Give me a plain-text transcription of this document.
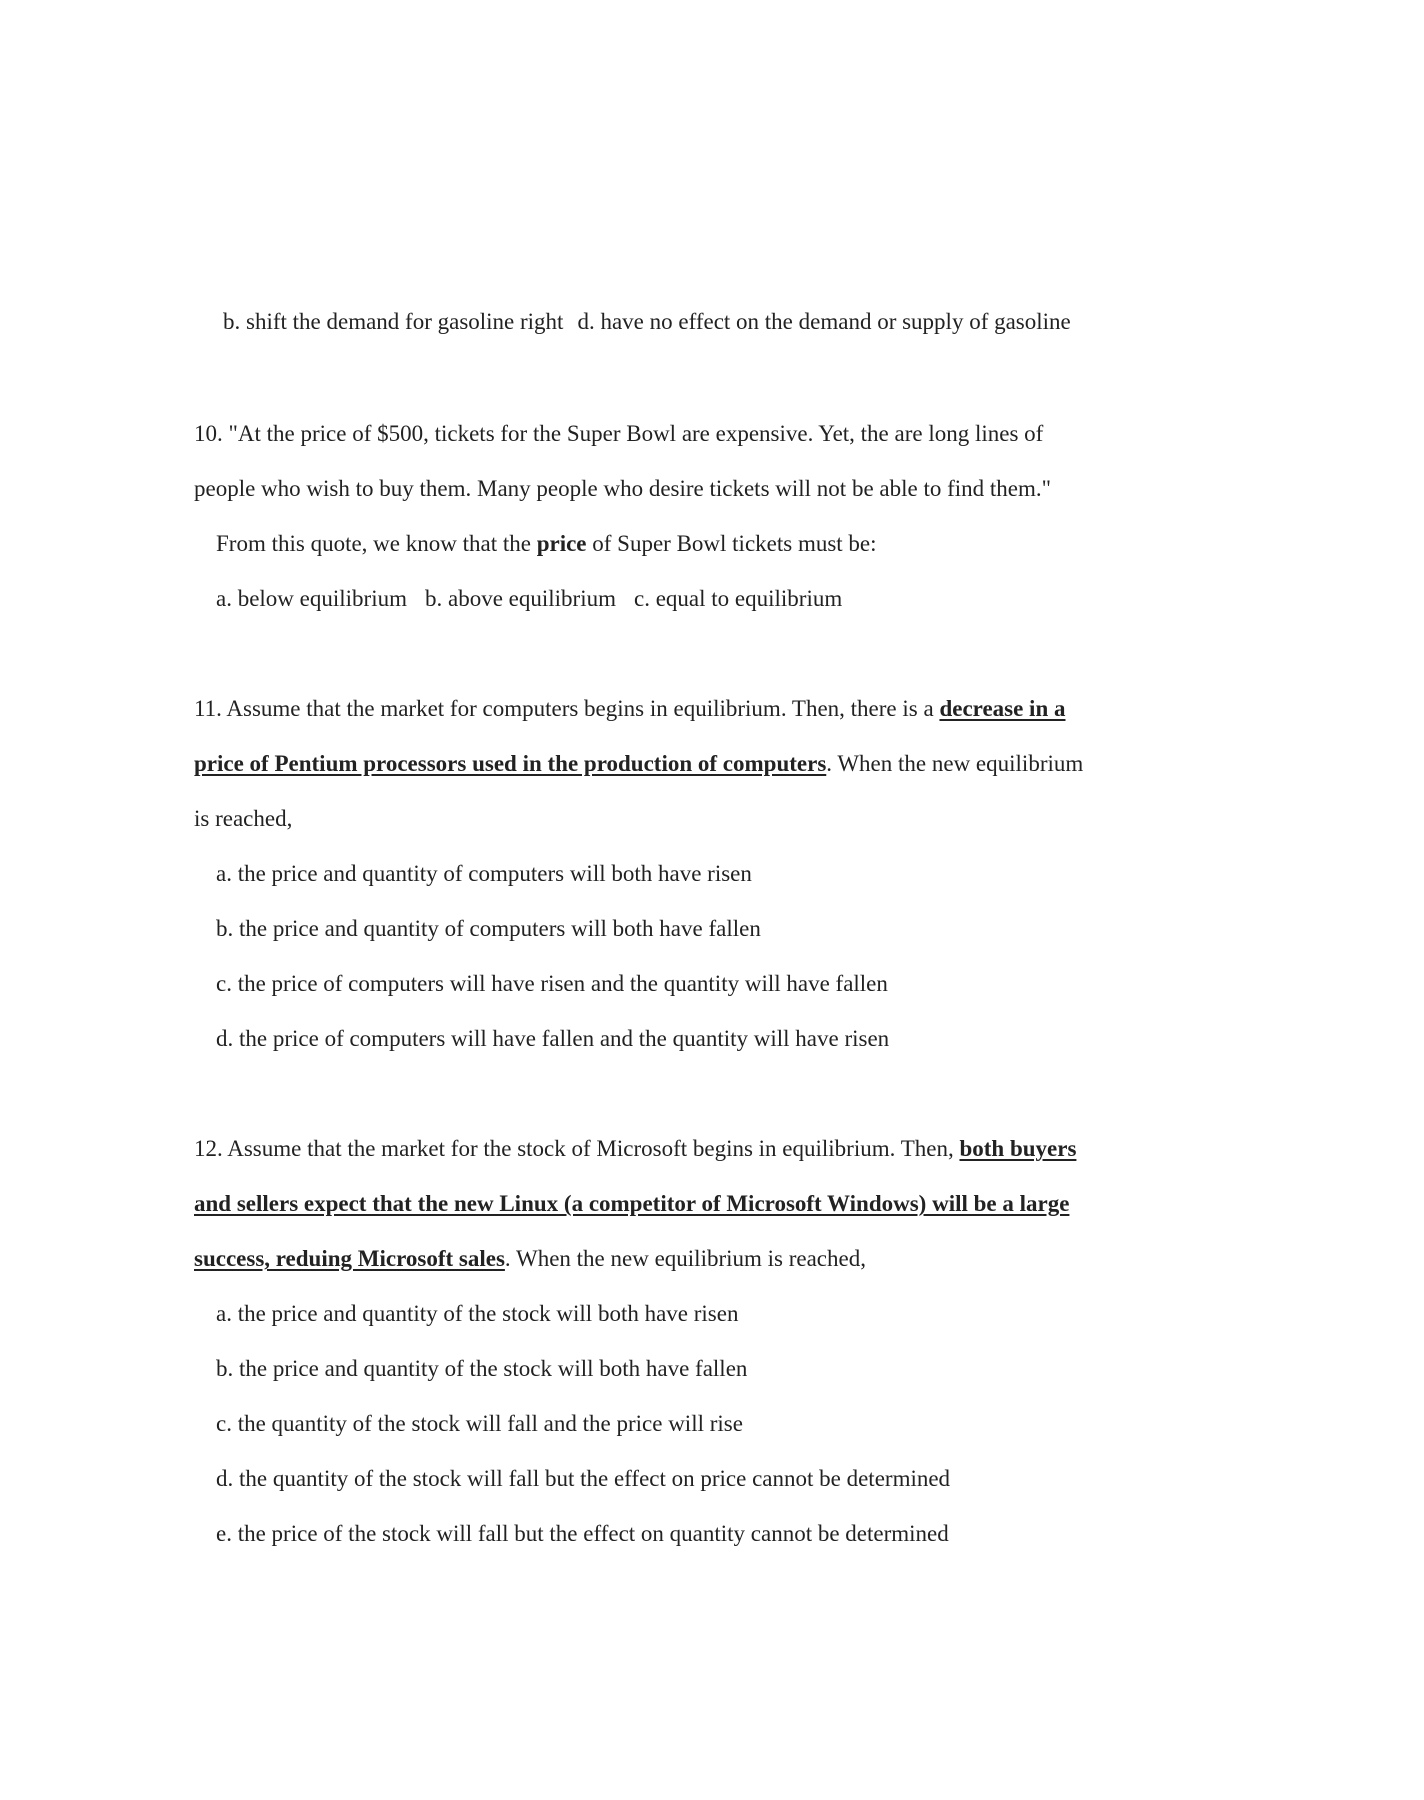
b. shift the demand for gasoline right d. have no effect on the demand or supply of gasoline
10. "At the price of $500, tickets for the Super Bowl are expensive. Yet, the are long lines of
people who wish to buy them. Many people who desire tickets will not be able to find them."
From this quote, we know that the price of Super Bowl tickets must be:
a. below equilibrium b. above equilibrium c. equal to equilibrium
11. Assume that the market for computers begins in equilibrium. Then, there is a decrease in a
price of Pentium processors used in the production of computers. When the new equilibrium
is reached,
a. the price and quantity of computers will both have risen
b. the price and quantity of computers will both have fallen
c. the price of computers will have risen and the quantity will have fallen
d. the price of computers will have fallen and the quantity will have risen
12. Assume that the market for the stock of Microsoft begins in equilibrium. Then, both buyers
and sellers expect that the new Linux (a competitor of Microsoft Windows) will be a large
success, reduing Microsoft sales. When the new equilibrium is reached,
a. the price and quantity of the stock will both have risen
b. the price and quantity of the stock will both have fallen
c. the quantity of the stock will fall and the price will rise
d. the quantity of the stock will fall but the effect on price cannot be determined
e. the price of the stock will fall but the effect on quantity cannot be determined
